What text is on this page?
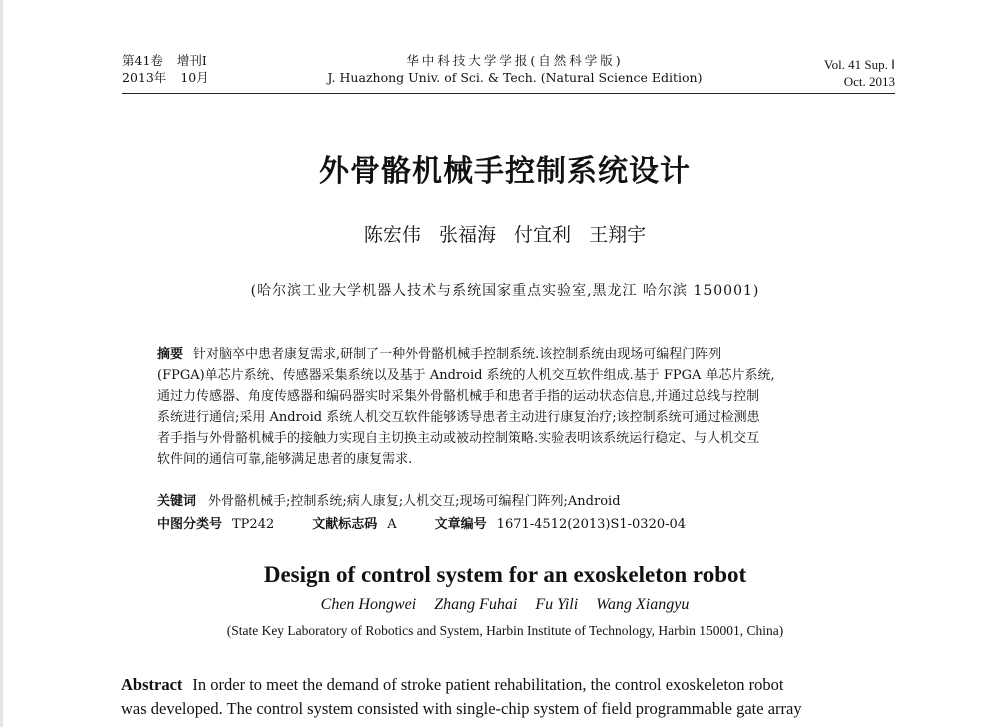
第41卷 增刊Ⅰ
2013年 10月
华中科技大学学报(自然科学版)
J. Huazhong Univ. of Sci. & Tech. (Natural Science Edition)
Vol. 41 Sup. Ⅰ
Oct. 2013
外骨骼机械手控制系统设计
陈宏伟 张福海 付宜利 王翔宇
(哈尔滨工业大学机器人技术与系统国家重点实验室,黑龙江 哈尔滨 150001)
摘要 针对脑卒中患者康复需求,研制了一种外骨骼机械手控制系统.该控制系统由现场可编程门阵列
(FPGA)单芯片系统、传感器采集系统以及基于 Android 系统的人机交互软件组成.基于 FPGA 单芯片系统,
通过力传感器、角度传感器和编码器实时采集外骨骼机械手和患者手指的运动状态信息,并通过总线与控制
系统进行通信;采用 Android 系统人机交互软件能够诱导患者主动进行康复治疗;该控制系统可通过检测患
者手指与外骨骼机械手的接触力实现自主切换主动或被动控制策略.实验表明该系统运行稳定、与人机交互
软件间的通信可靠,能够满足患者的康复需求.
关键词 外骨骼机械手;控制系统;病人康复;人机交互;现场可编程门阵列;Android
中图分类号 TP242	文献标志码 A	文章编号 1671-4512(2013)S1-0320-04
Design of control system for an exoskeleton robot
Chen Hongwei Zhang Fuhai Fu Yili Wang Xiangyu
(State Key Laboratory of Robotics and System, Harbin Institute of Technology, Harbin 150001, China)
Abstract In order to meet the demand of stroke patient rehabilitation, the control exoskeleton robot
was developed. The control system consisted with single-chip system of field programmable gate array
